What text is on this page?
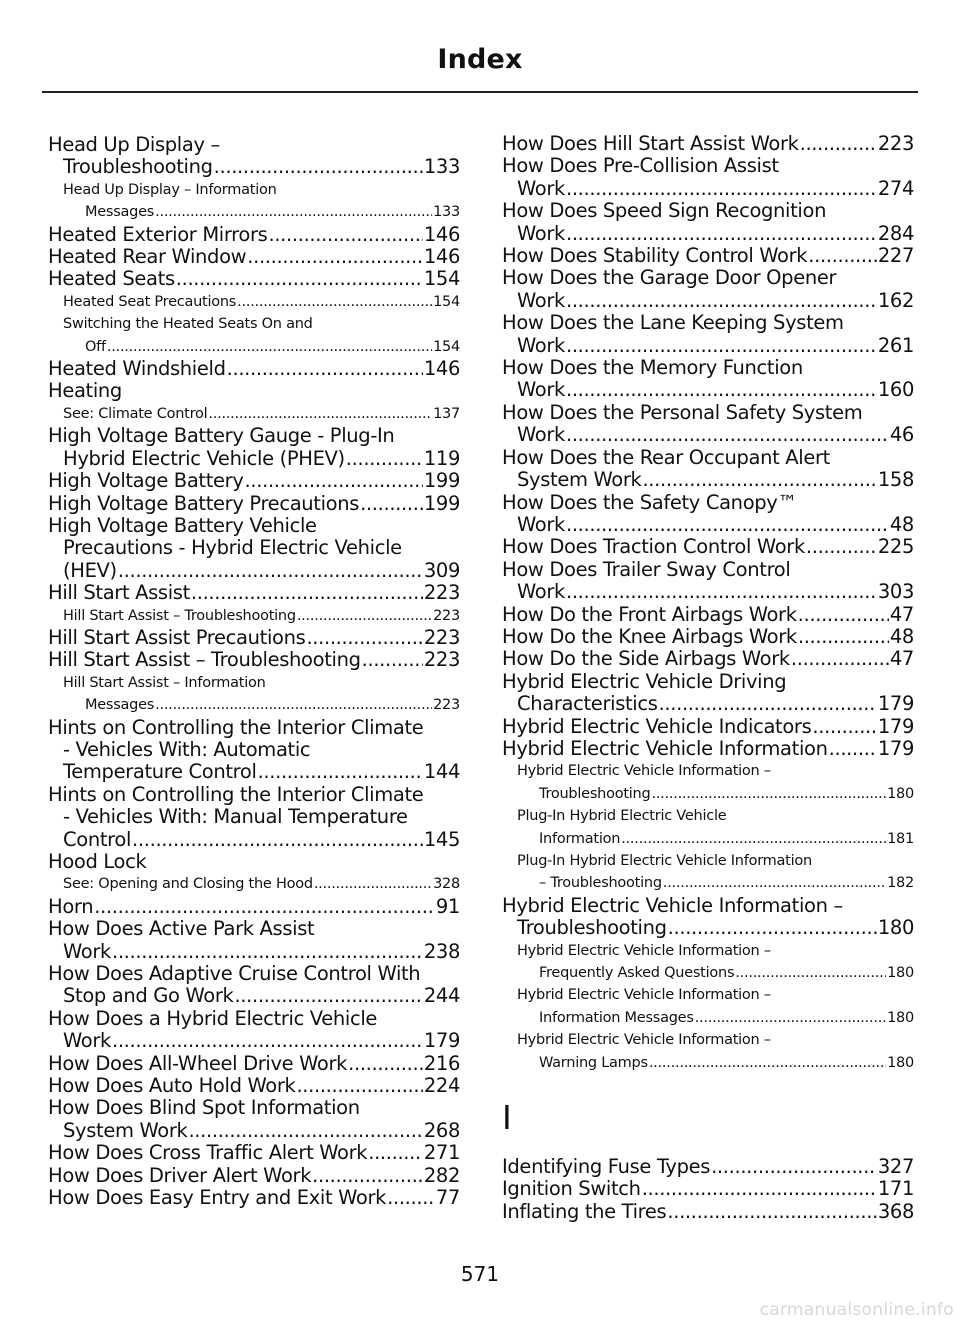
Index
Head Up Display –
Troubleshooting .....	133
Head Up Display – Information
Messages .....	133
Heated Exterior Mirrors .....	146
Heated Rear Window .....	146
Heated Seats .....	154
Heated Seat Precautions .....	154
Switching the Heated Seats On and
Off .....	154
Heated Windshield .....	146
Heating
See: Climate Control .....	137
High Voltage Battery Gauge - Plug-In
Hybrid Electric Vehicle (PHEV) .....	119
High Voltage Battery .....	199
High Voltage Battery Precautions .....	199
High Voltage Battery Vehicle
Precautions - Hybrid Electric Vehicle
(HEV) .....	309
Hill Start Assist .....	223
Hill Start Assist – Troubleshooting .....	223
Hill Start Assist Precautions .....	223
Hill Start Assist – Troubleshooting .....	223
Hill Start Assist – Information
Messages .....	223
Hints on Controlling the Interior Climate
- Vehicles With: Automatic
Temperature Control .....	144
Hints on Controlling the Interior Climate
- Vehicles With: Manual Temperature
Control .....	145
Hood Lock
See: Opening and Closing the Hood .....	328
Horn .....	91
How Does Active Park Assist
Work .....	238
How Does Adaptive Cruise Control With
Stop and Go Work .....	244
How Does a Hybrid Electric Vehicle
Work .....	179
How Does All-Wheel Drive Work .....	216
How Does Auto Hold Work .....	224
How Does Blind Spot Information
System Work .....	268
How Does Cross Traffic Alert Work .....	271
How Does Driver Alert Work .....	282
How Does Easy Entry and Exit Work .....	77
How Does Hill Start Assist Work .....	223
How Does Pre-Collision Assist
Work .....	274
How Does Speed Sign Recognition
Work .....	284
How Does Stability Control Work .....	227
How Does the Garage Door Opener
Work .....	162
How Does the Lane Keeping System
Work .....	261
How Does the Memory Function
Work .....	160
How Does the Personal Safety System
Work .....	46
How Does the Rear Occupant Alert
System Work .....	158
How Does the Safety Canopy™
Work .....	48
How Does Traction Control Work .....	225
How Does Trailer Sway Control
Work .....	303
How Do the Front Airbags Work .....	47
How Do the Knee Airbags Work .....	48
How Do the Side Airbags Work .....	47
Hybrid Electric Vehicle Driving
Characteristics .....	179
Hybrid Electric Vehicle Indicators .....	179
Hybrid Electric Vehicle Information .....	179
Hybrid Electric Vehicle Information –
Troubleshooting .....	180
Plug-In Hybrid Electric Vehicle
Information .....	181
Plug-In Hybrid Electric Vehicle Information
– Troubleshooting .....	182
Hybrid Electric Vehicle Information –
Troubleshooting .....	180
Hybrid Electric Vehicle Information –
Frequently Asked Questions .....	180
Hybrid Electric Vehicle Information –
Information Messages .....	180
Hybrid Electric Vehicle Information –
Warning Lamps .....	180
I
Identifying Fuse Types .....	327
Ignition Switch .....	171
Inflating the Tires .....	368
571
carmanualsonline.info
